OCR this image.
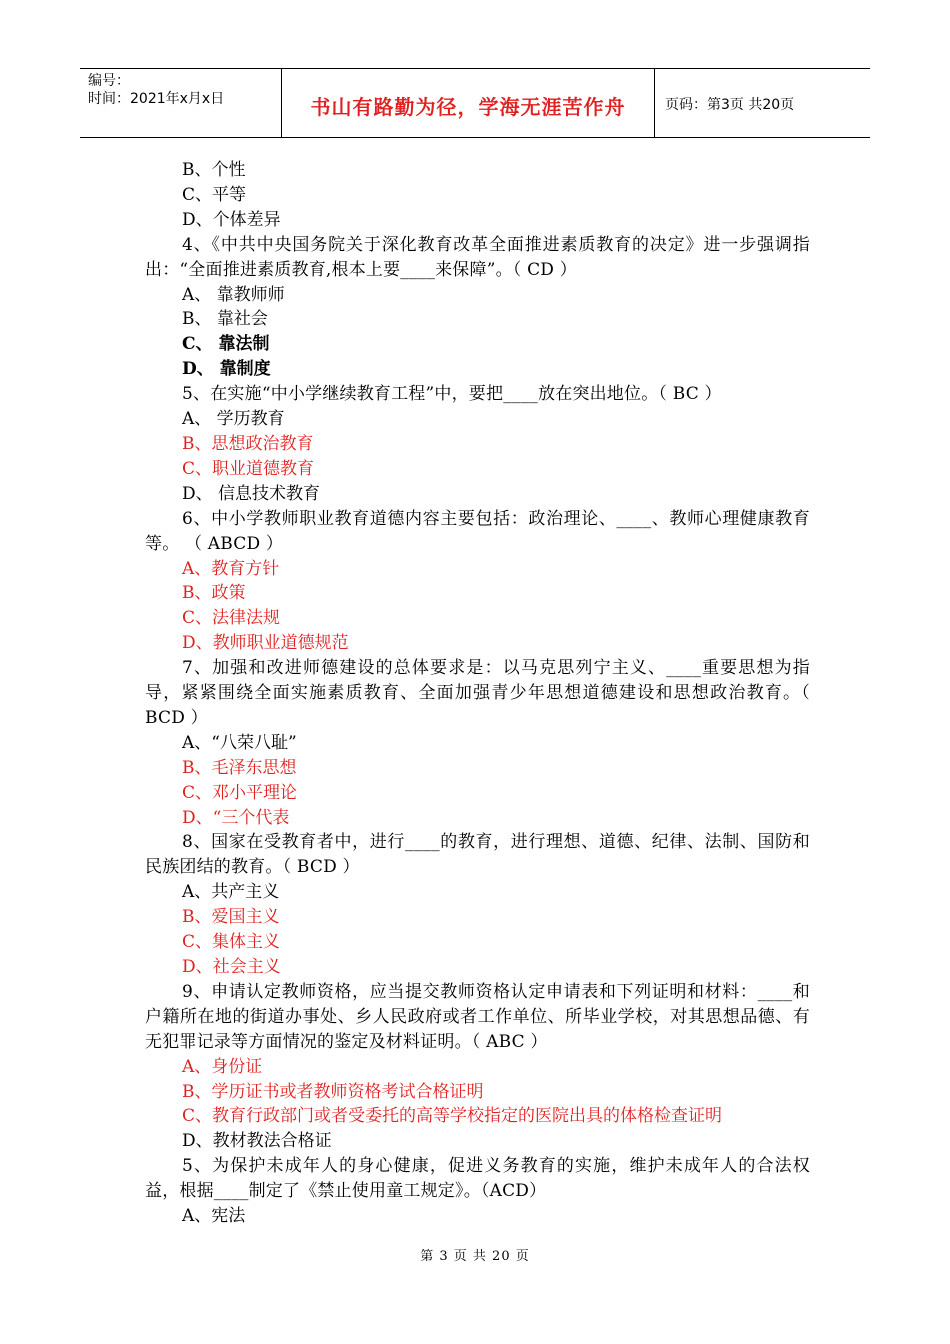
编号：
时间：2021年x月x日	书山有路勤为径，学海无涯苦作舟	页码：第3页 共20页
B、个性
C、平等
D、个体差异
4、《中共中央国务院关于深化教育改革全面推进素质教育的决定》进一步强调指出：“全面推进素质教育,根本上要____来保障”。（ CD ）
A、 靠教师师
B、 靠社会
C、 靠法制
D、 靠制度
5、在实施“中小学继续教育工程”中，要把____放在突出地位。（ BC ）
A、 学历教育
B、思想政治教育
C、职业道德教育
D、 信息技术教育
6、中小学教师职业教育道德内容主要包括：政治理论、____、教师心理健康教育等。 （ ABCD ）
A、教育方针
B、政策
C、法律法规
D、教师职业道德规范
7、加强和改进师德建设的总体要求是：以马克思列宁主义、____重要思想为指导，紧紧围绕全面实施素质教育、全面加强青少年思想道德建设和思想政治教育。（ BCD ）
A、“八荣八耻”
B、毛泽东思想
C、邓小平理论
D、“三个代表
8、国家在受教育者中，进行____的教育，进行理想、道德、纪律、法制、国防和民族团结的教育。（ BCD ）
A、共产主义
B、爱国主义
C、集体主义
D、社会主义
9、申请认定教师资格，应当提交教师资格认定申请表和下列证明和材料：____和户籍所在地的街道办事处、乡人民政府或者工作单位、所毕业学校，对其思想品德、有无犯罪记录等方面情况的鉴定及材料证明。（ ABC ）
A、身份证
B、学历证书或者教师资格考试合格证明
C、教育行政部门或者受委托的高等学校指定的医院出具的体格检查证明
D、教材教法合格证
5、为保护未成年人的身心健康，促进义务教育的实施，维护未成年人的合法权益，根据____制定了《禁止使用童工规定》。（ACD）
A、宪法
第 3 页 共 20 页
